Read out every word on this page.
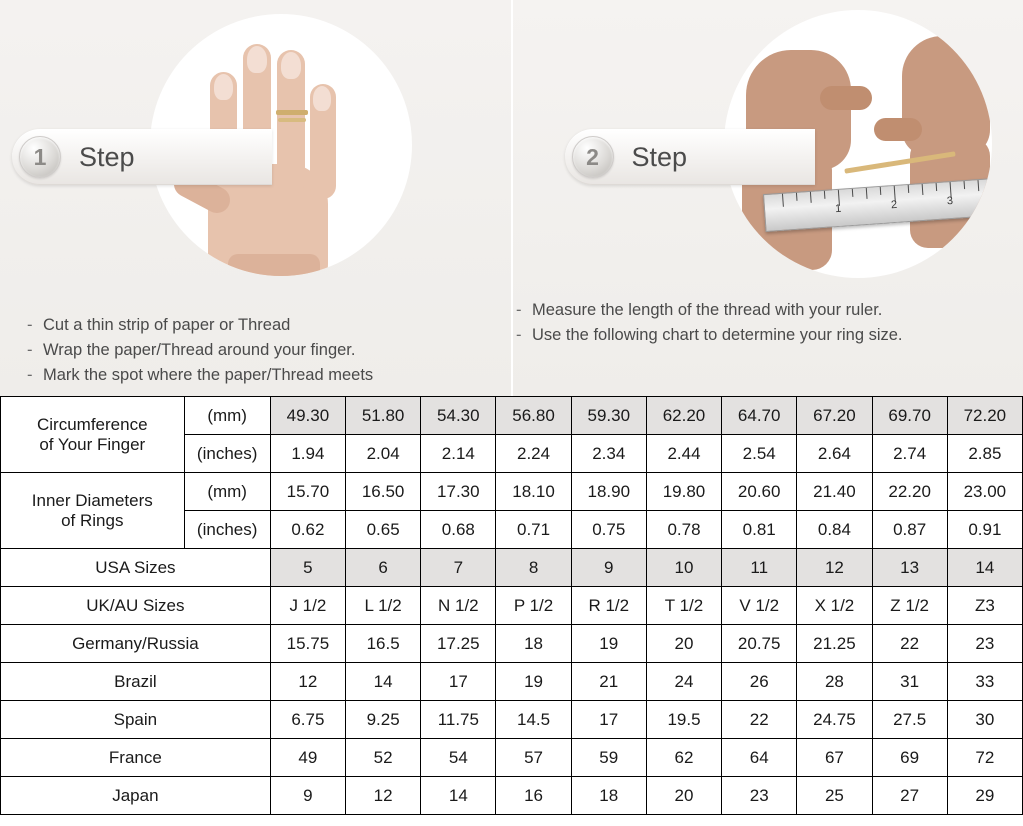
1	Step
- Cut a thin strip of paper or Thread
- Wrap the paper/Thread around your finger.
- Mark the spot where the paper/Thread meets
1	2	3
2	Step
- Measure the length of the thread with your ruler.
- Use the following chart to determine your ring size.
Circumference
of Your Finger	(mm)	49.30	51.80	54.30	56.80	59.30	62.20	64.70	67.20	69.70	72.20
	(inches)	1.94	2.04	2.14	2.24	2.34	2.44	2.54	2.64	2.74	2.85
Inner Diameters
of Rings	(mm)	15.70	16.50	17.30	18.10	18.90	19.80	20.60	21.40	22.20	23.00
	(inches)	0.62	0.65	0.68	0.71	0.75	0.78	0.81	0.84	0.87	0.91
USA Sizes		5	6	7	8	9	10	11	12	13	14
UK/AU Sizes		J 1/2	L 1/2	N 1/2	P 1/2	R 1/2	T 1/2	V 1/2	X 1/2	Z 1/2	Z3
Germany/Russia		15.75	16.5	17.25	18	19	20	20.75	21.25	22	23
Brazil		12	14	17	19	21	24	26	28	31	33
Spain		6.75	9.25	11.75	14.5	17	19.5	22	24.75	27.5	30
France		49	52	54	57	59	62	64	67	69	72
Japan		9	12	14	16	18	20	23	25	27	29
